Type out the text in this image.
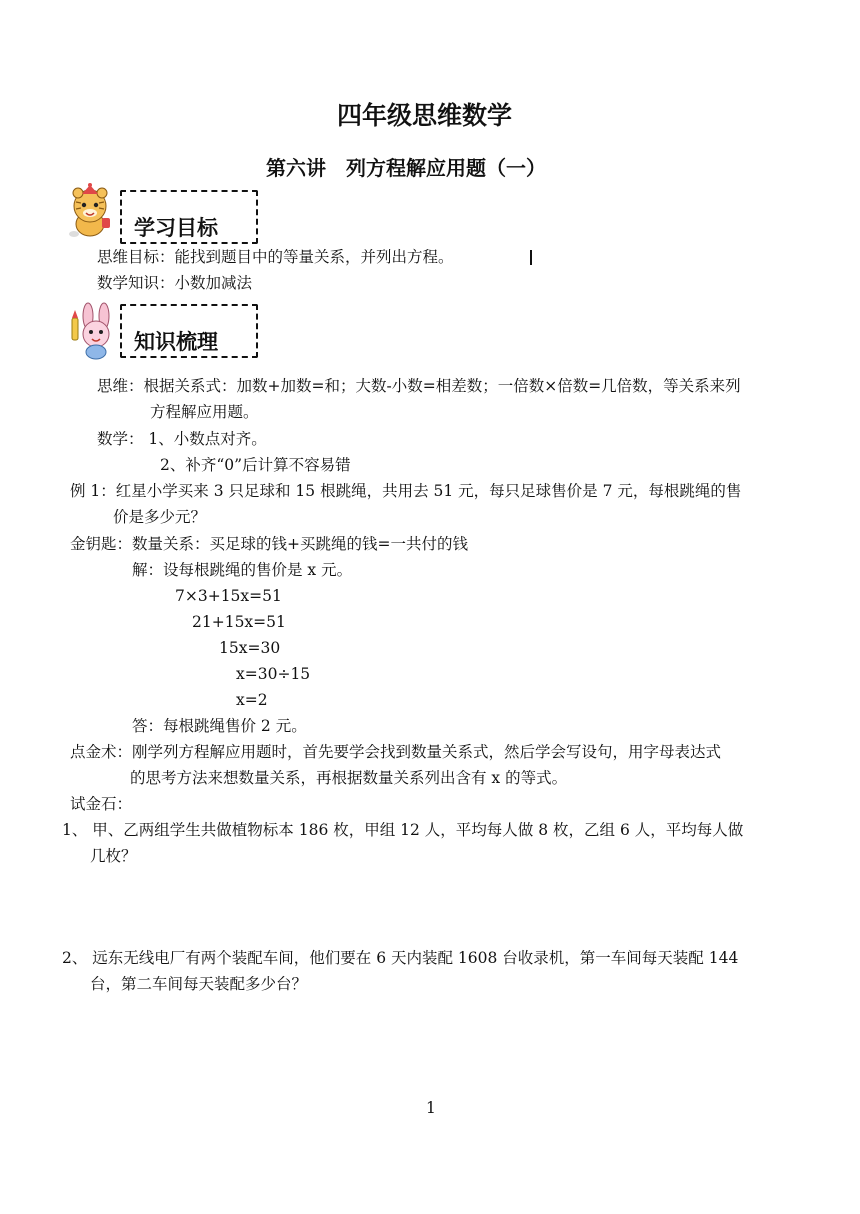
四年级思维数学
第六讲　列方程解应用题（一）
学习目标
思维目标：能找到题目中的等量关系，并列出方程。
数学知识：小数加减法
知识梳理
思维：根据关系式：加数+加数=和；大数-小数=相差数；一倍数×倍数=几倍数，等关系来列
方程解应用题。
数学： 1、小数点对齐。
2、补齐“0”后计算不容易错
例 1：红星小学买来 3 只足球和 15 根跳绳，共用去 51 元，每只足球售价是 7 元，每根跳绳的售
价是多少元？
金钥匙：数量关系：买足球的钱+买跳绳的钱=一共付的钱
解：设每根跳绳的售价是 x 元。
7×3+15x=51
21+15x=51
15x=30
x=30÷15
x=2
答：每根跳绳售价 2 元。
点金术：刚学列方程解应用题时，首先要学会找到数量关系式，然后学会写设句，用字母表达式
的思考方法来想数量关系，再根据数量关系列出含有 x 的等式。
试金石：
1、 甲、乙两组学生共做植物标本 186 枚，甲组 12 人，平均每人做 8 枚，乙组 6 人，平均每人做
几枚？
2、 远东无线电厂有两个装配车间，他们要在 6 天内装配 1608 台收录机，第一车间每天装配 144
台，第二车间每天装配多少台？
1
